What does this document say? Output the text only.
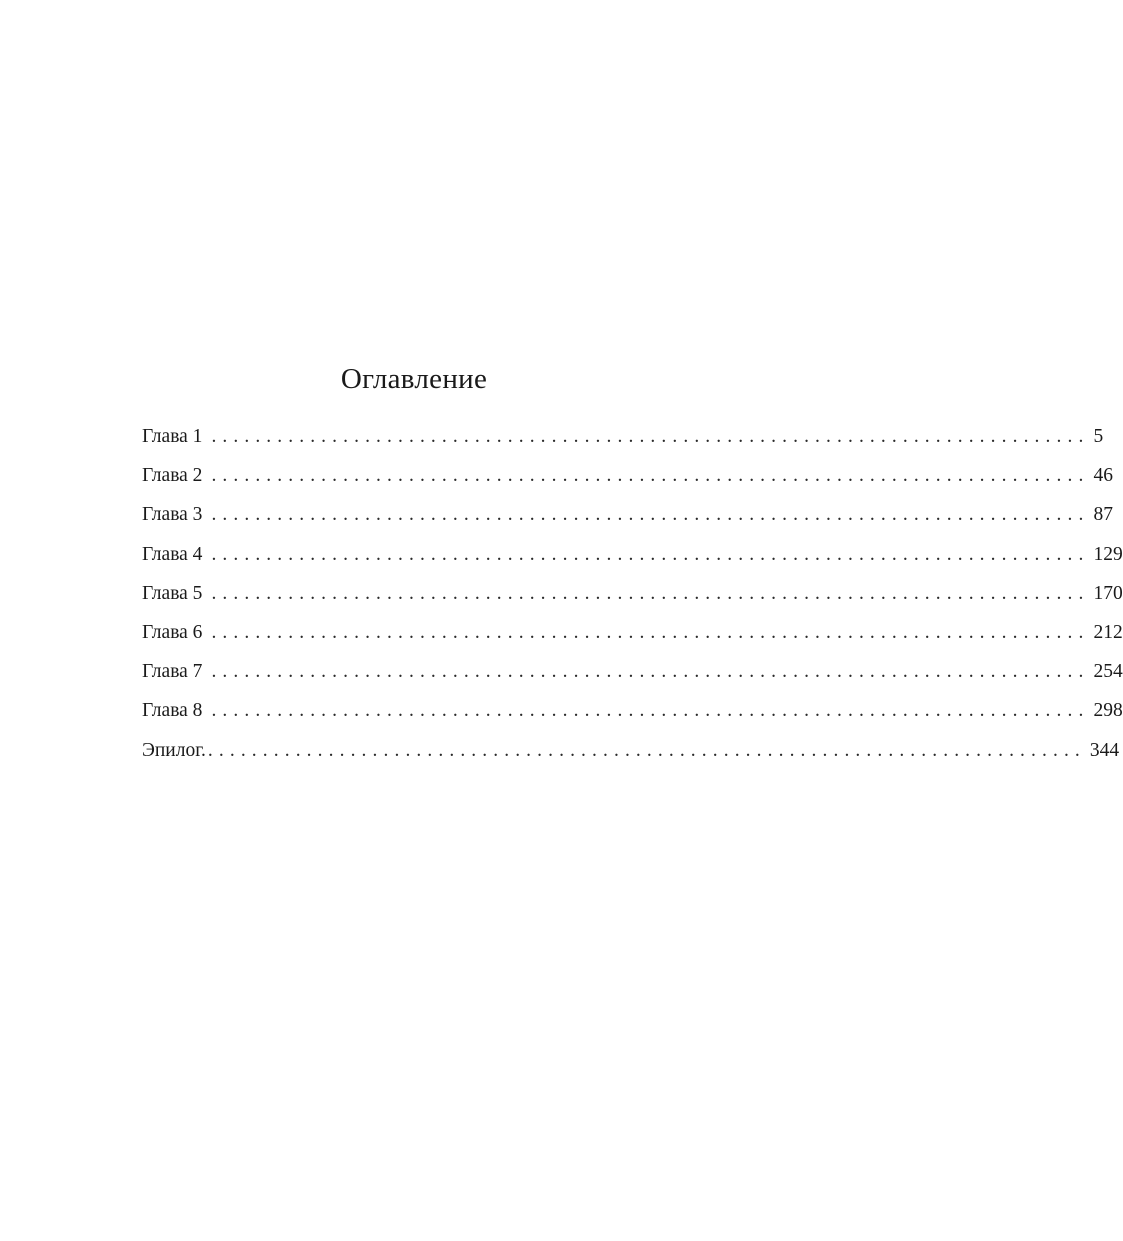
Оглавление
Глава 1 ................................................................................ 5
Глава 2 ................................................................................ 46
Глава 3 ................................................................................ 87
Глава 4 ................................................................................ 129
Глава 5 ................................................................................ 170
Глава 6 ................................................................................ 212
Глава 7 ................................................................................ 254
Глава 8 ................................................................................ 298
Эпилог. ................................................................................ 344
